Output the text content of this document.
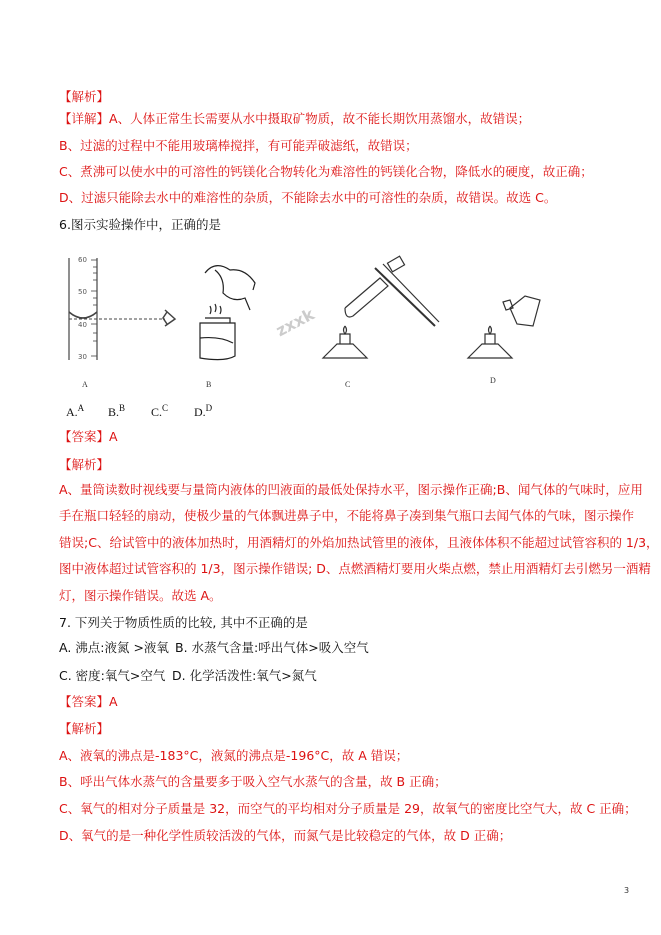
【解析】
【详解】A、人体正常生长需要从水中摄取矿物质，故不能长期饮用蒸馏水，故错误；
B、过滤的过程中不能用玻璃棒搅拌，有可能弄破滤纸，故错误；
C、煮沸可以使水中的可溶性的钙镁化合物转化为难溶性的钙镁化合物，降低水的硬度，故正确；
D、过滤只能除去水中的难溶性的杂质，不能除去水中的可溶性的杂质，故错误。故选 C。
6.图示实验操作中，正确的是
60
50
40
30
zxxk
A	B	C	D
A.$^A$ B.$^B$ C.$^C$ D.$^D$
【答案】A
【解析】
A、量筒读数时视线要与量筒内液体的凹液面的最低处保持水平，图示操作正确;B、闻气体的气味时，应用
手在瓶口轻轻的扇动，使极少量的气体飘进鼻子中，不能将鼻子凑到集气瓶口去闻气体的气味，图示操作
错误;C、给试管中的液体加热时，用酒精灯的外焰加热试管里的液体，且液体体积不能超过试管容积的 1/3，
图中液体超过试管容积的 1/3，图示操作错误; D、点燃酒精灯要用火柴点燃，禁止用酒精灯去引燃另一酒精
灯，图示操作错误。故选 A。
7. 下列关于物质性质的比较, 其中不正确的是
A. 沸点:液氮 >液氧 B. 水蒸气含量:呼出气体>吸入空气
C. 密度:氧气>空气 D. 化学活泼性:氧气>氮气
【答案】A
【解析】
A、液氧的沸点是-183°C，液氮的沸点是-196°C，故 A 错误；
B、呼出气体水蒸气的含量要多于吸入空气水蒸气的含量，故 B 正确；
C、氧气的相对分子质量是 32，而空气的平均相对分子质量是 29，故氧气的密度比空气大，故 C 正确；
D、氧气的是一种化学性质较活泼的气体，而氮气是比较稳定的气体，故 D 正确；
3
